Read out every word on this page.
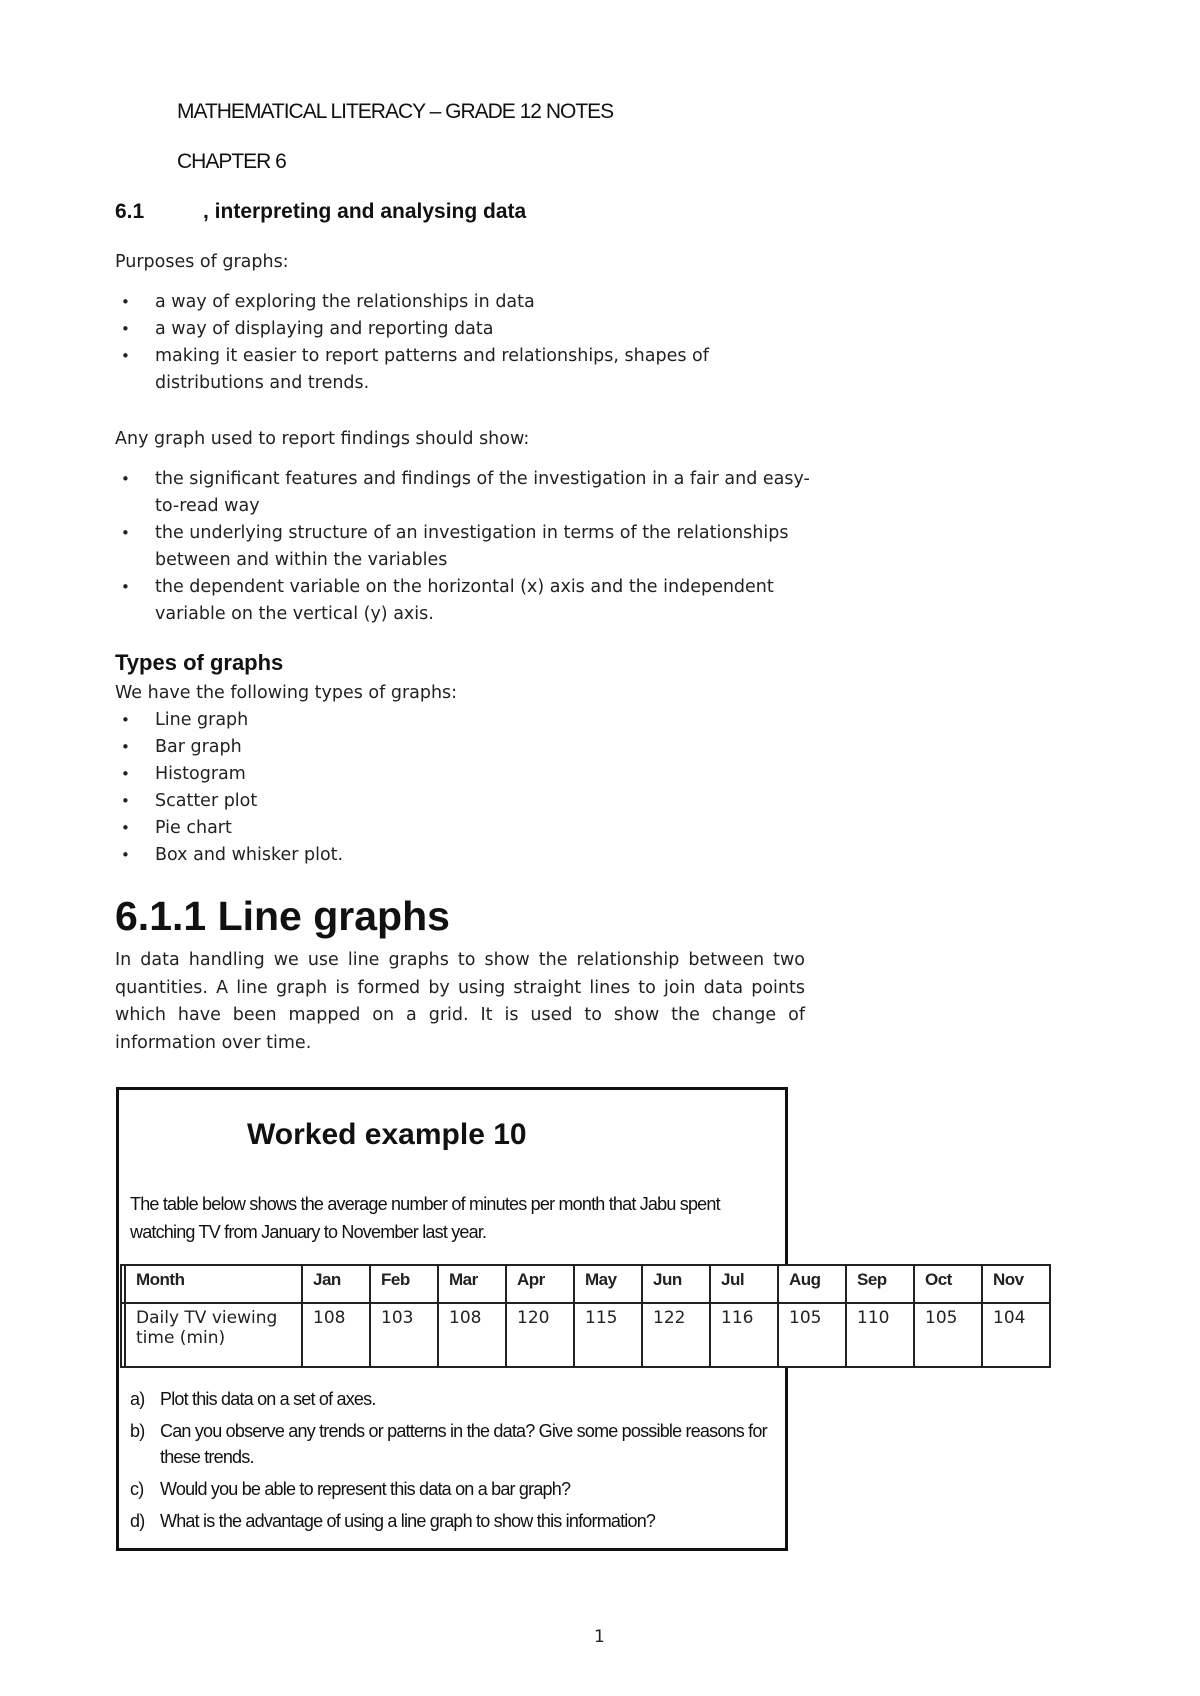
MATHEMATICAL LITERACY – GRADE 12 NOTES
CHAPTER 6
6.1	, interpreting and analysing data
Purposes of graphs:
• a way of exploring the relationships in data
• a way of displaying and reporting data
• making it easier to report patterns and relationships, shapes of distributions and trends.
Any graph used to report findings should show:
• the significant features and findings of the investigation in a fair and easy-to-read way
• the underlying structure of an investigation in terms of the relationships between and within the variables
• the dependent variable on the horizontal (x) axis and the independent variable on the vertical (y) axis.
Types of graphs
We have the following types of graphs:
• Line graph
• Bar graph
• Histogram
• Scatter plot
• Pie chart
• Box and whisker plot.
6.1.1 Line graphs
In data handling we use line graphs to show the relationship between two quantities. A line graph is formed by using straight lines to join data points which have been mapped on a grid. It is used to show the change of information over time.
Worked example 10
The table below shows the average number of minutes per month that Jabu spent watching TV from January to November last year.
	Month	Jan	Feb	Mar	Apr	May	Jun	Jul	Aug	Sep	Oct	Nov
	Daily TV viewing time (min)	108	103	108	120	115	122	116	105	110	105	104
a) Plot this data on a set of axes.
b) Can you observe any trends or patterns in the data? Give some possible reasons for these trends.
c) Would you be able to represent this data on a bar graph?
d) What is the advantage of using a line graph to show this information?
1
